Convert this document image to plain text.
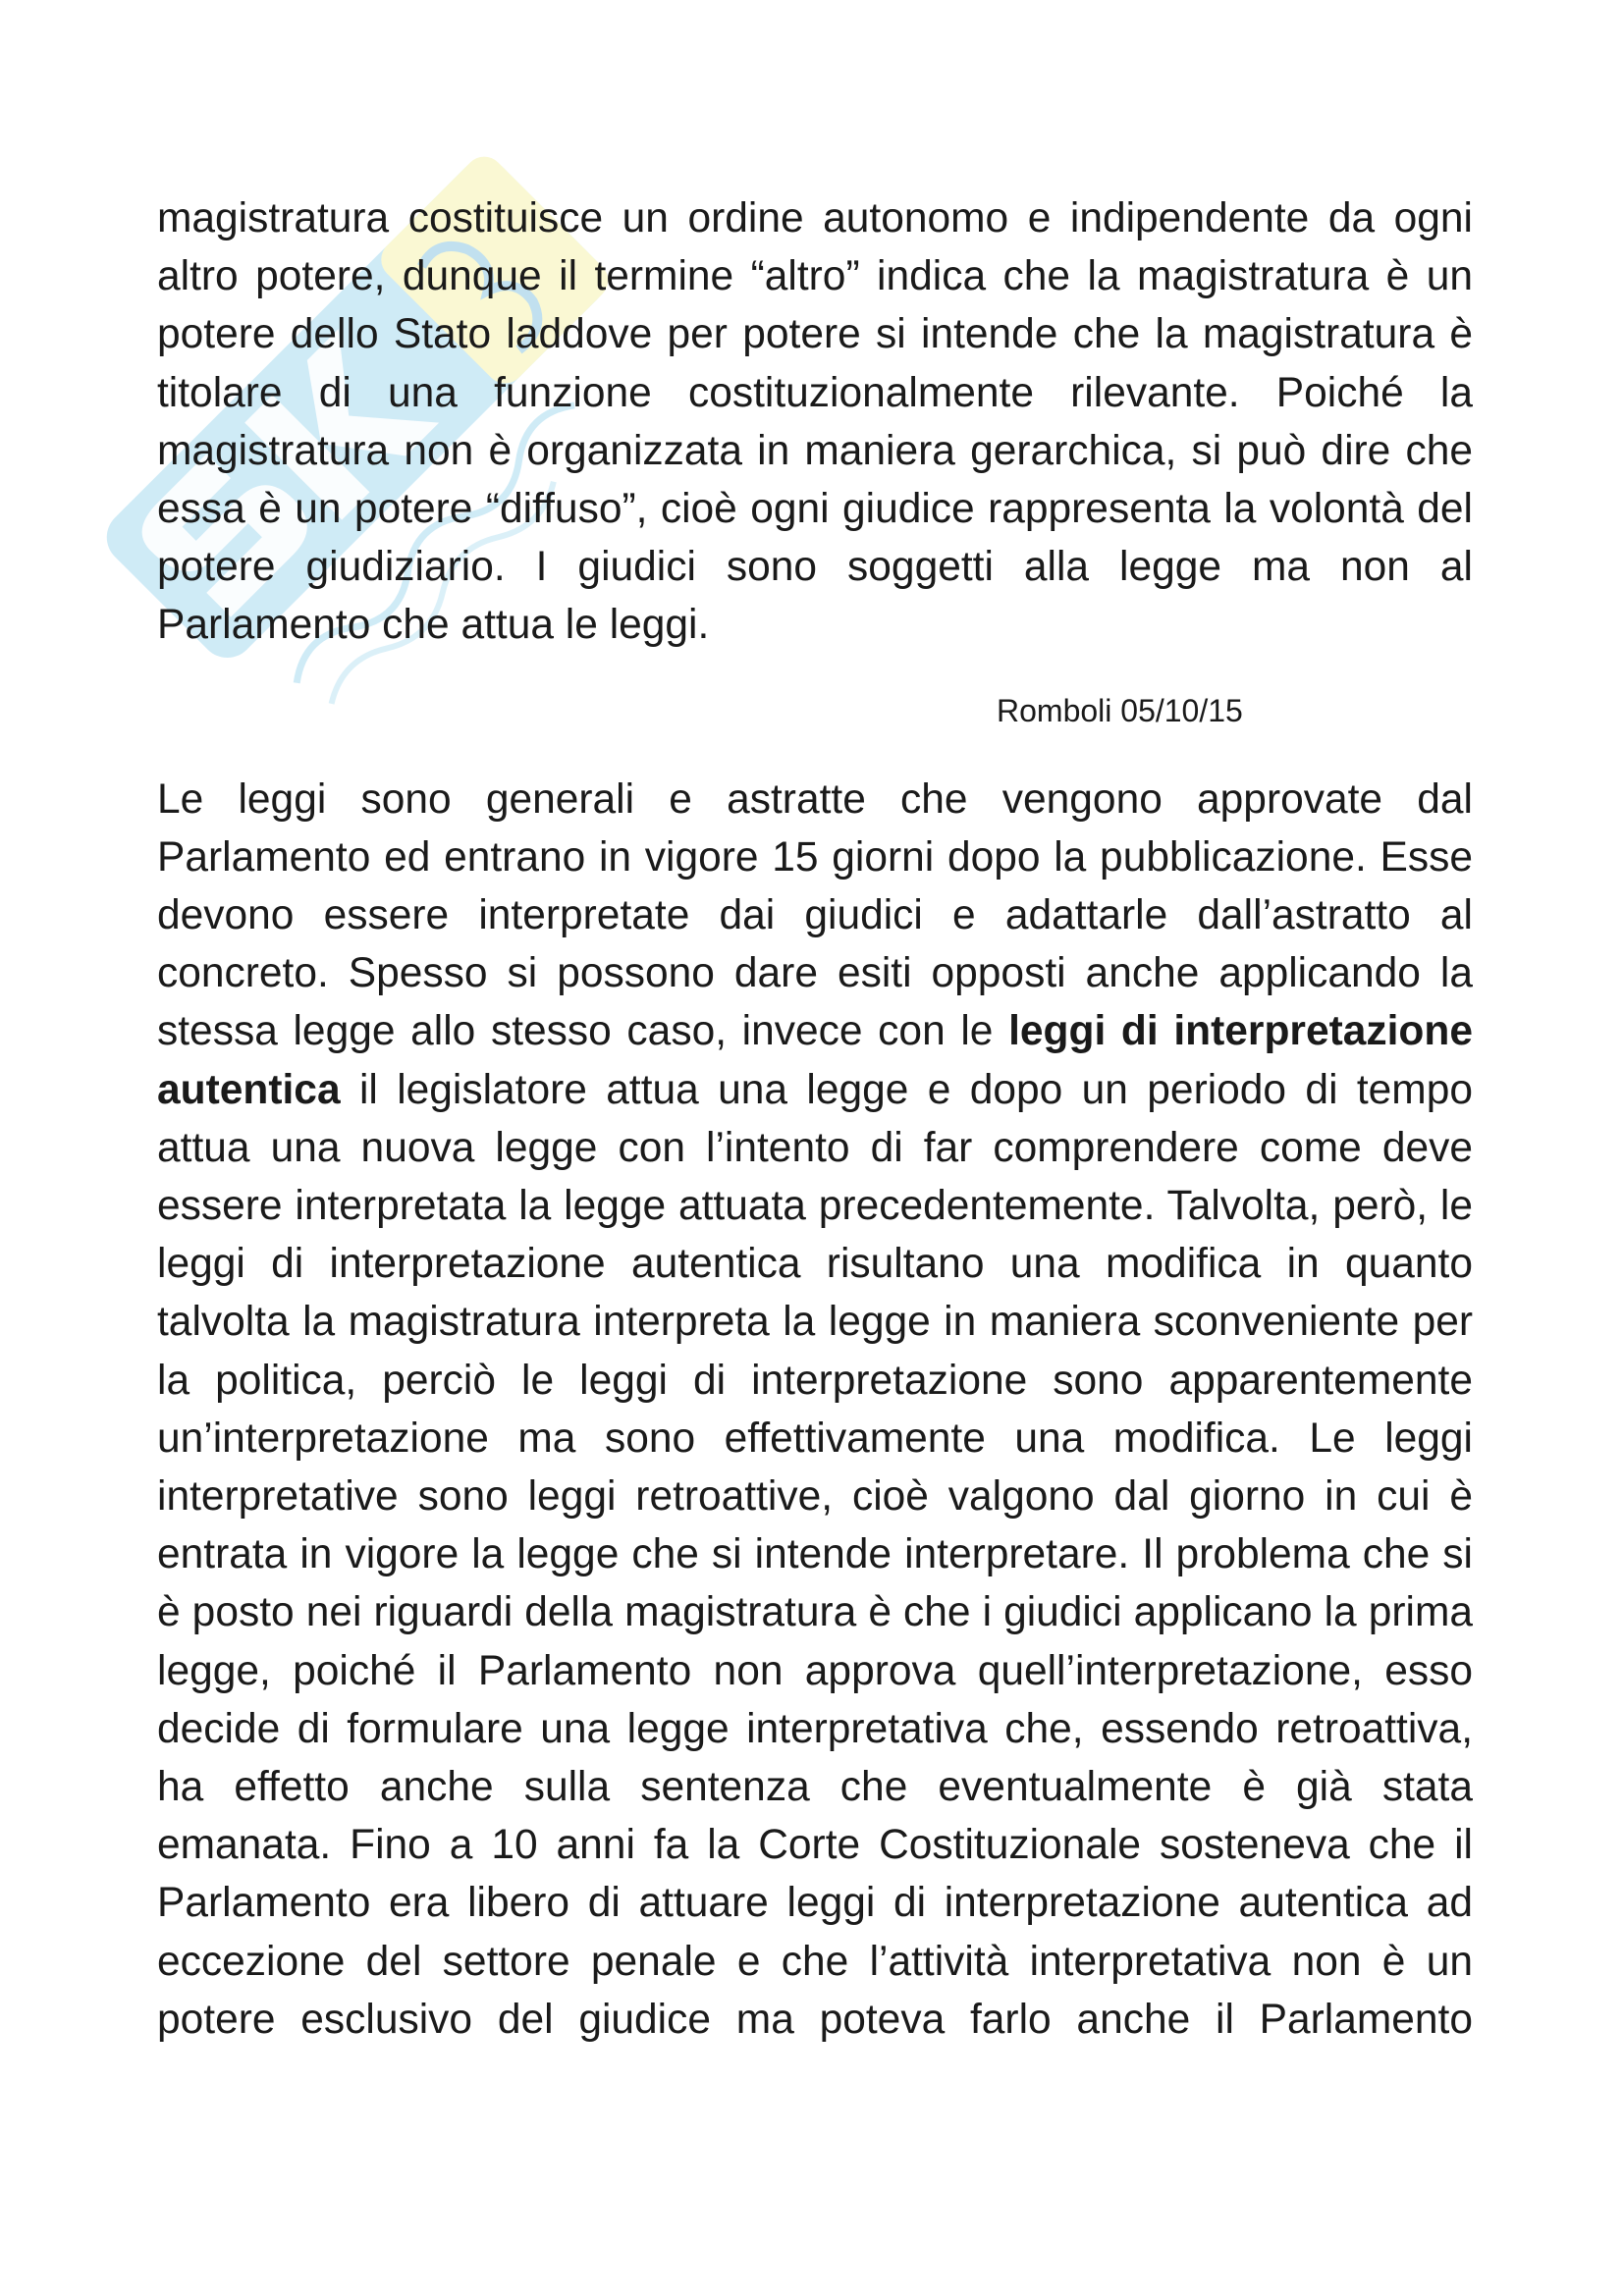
magistratura costituisce un ordine autonomo e indipendente da ogni altro potere, dunque il termine “altro” indica che la magistratura è un potere dello Stato laddove per potere si intende che la magistratura è titolare di una funzione costituzionalmente rilevante. Poiché la magistratura non è organizzata in maniera gerarchica, si può dire che essa è un potere “diffuso”, cioè ogni giudice rappresenta la volontà del potere giudiziario. I giudici sono soggetti alla legge ma non al Parlamento che attua le leggi.

Romboli 05/10/15

Le leggi sono generali e astratte che vengono approvate dal Parlamento ed entrano in vigore 15 giorni dopo la pubblicazione. Esse devono essere interpretate dai giudici e adattarle dall’astratto al concreto. Spesso si possono dare esiti opposti anche applicando la stessa legge allo stesso caso, invece con le leggi di interpretazione autentica il legislatore attua una legge e dopo un periodo di tempo attua una nuova legge con l’intento di far comprendere come deve essere interpretata la legge attuata precedentemente. Talvolta, però, le leggi di interpretazione autentica risultano una modifica in quanto talvolta la magistratura interpreta la legge in maniera sconveniente per la politica, perciò le leggi di interpretazione sono apparentemente un’interpretazione ma sono effettivamente una modifica. Le leggi interpretative sono leggi retroattive, cioè valgono dal giorno in cui è entrata in vigore la legge che si intende interpretare. Il problema che si è posto nei riguardi della magistratura è che i giudici applicano la prima legge, poiché il Parlamento non approva quell’interpretazione, esso decide di formulare una legge interpretativa che, essendo retroattiva, ha effetto anche sulla sentenza che eventualmente è già stata emanata. Fino a 10 anni fa la Corte Costituzionale sosteneva che il Parlamento era libero di attuare leggi di interpretazione autentica ad eccezione del settore penale e che l’attività interpretativa non è un potere esclusivo del giudice ma poteva farlo anche il Parlamento
